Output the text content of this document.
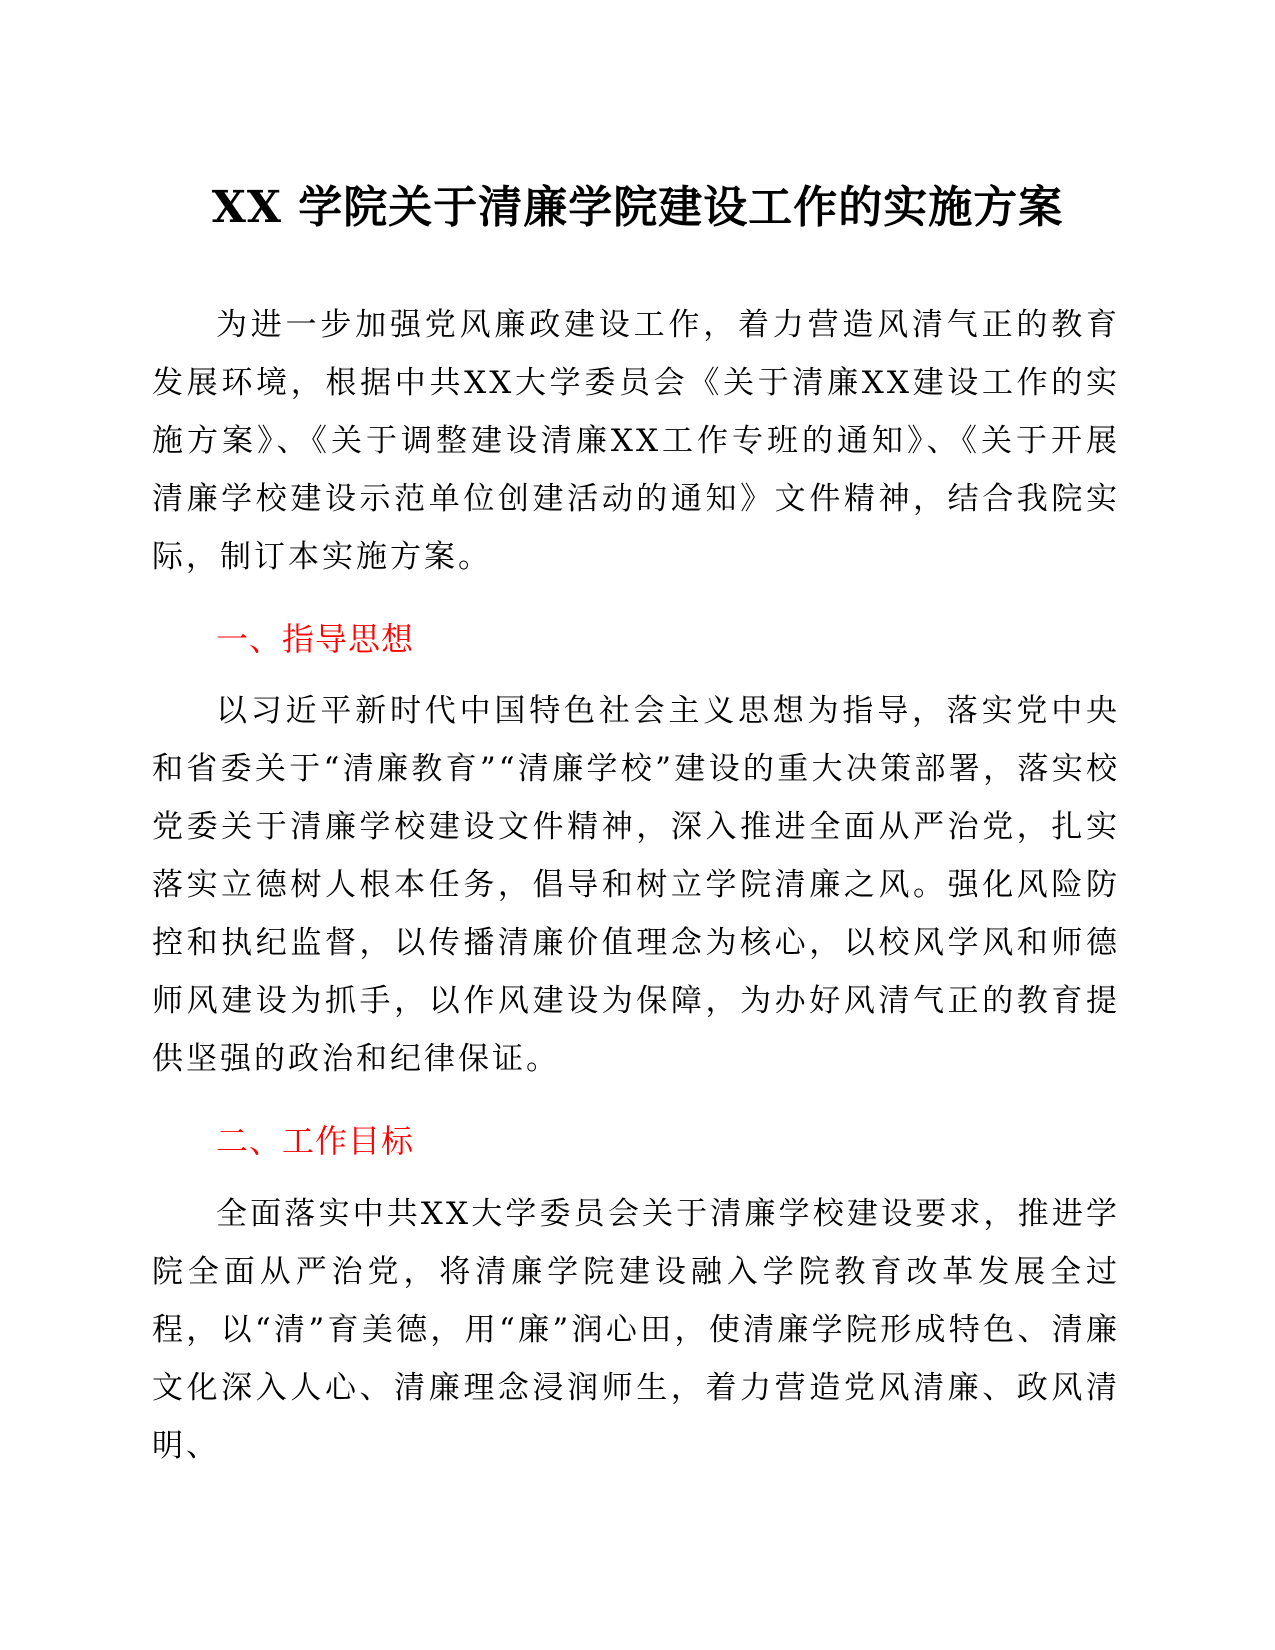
XX 学院关于清廉学院建设工作的实施方案

为进一步加强党风廉政建设工作，着力营造风清气正的教育发展环境，根据中共XX大学委员会《关于清廉XX建设工作的实施方案》、《关于调整建设清廉XX工作专班的通知》、《关于开展清廉学校建设示范单位创建活动的通知》文件精神，结合我院实际，制订本实施方案。

一、指导思想

以习近平新时代中国特色社会主义思想为指导，落实党中央和省委关于“清廉教育”“清廉学校”建设的重大决策部署，落实校党委关于清廉学校建设文件精神，深入推进全面从严治党，扎实落实立德树人根本任务，倡导和树立学院清廉之风。强化风险防控和执纪监督，以传播清廉价值理念为核心，以校风学风和师德师风建设为抓手，以作风建设为保障，为办好风清气正的教育提供坚强的政治和纪律保证。

二、工作目标

全面落实中共XX大学委员会关于清廉学校建设要求，推进学院全面从严治党，将清廉学院建设融入学院教育改革发展全过程，以“清”育美德，用“廉”润心田，使清廉学院形成特色、清廉文化深入人心、清廉理念浸润师生，着力营造党风清廉、政风清明、
